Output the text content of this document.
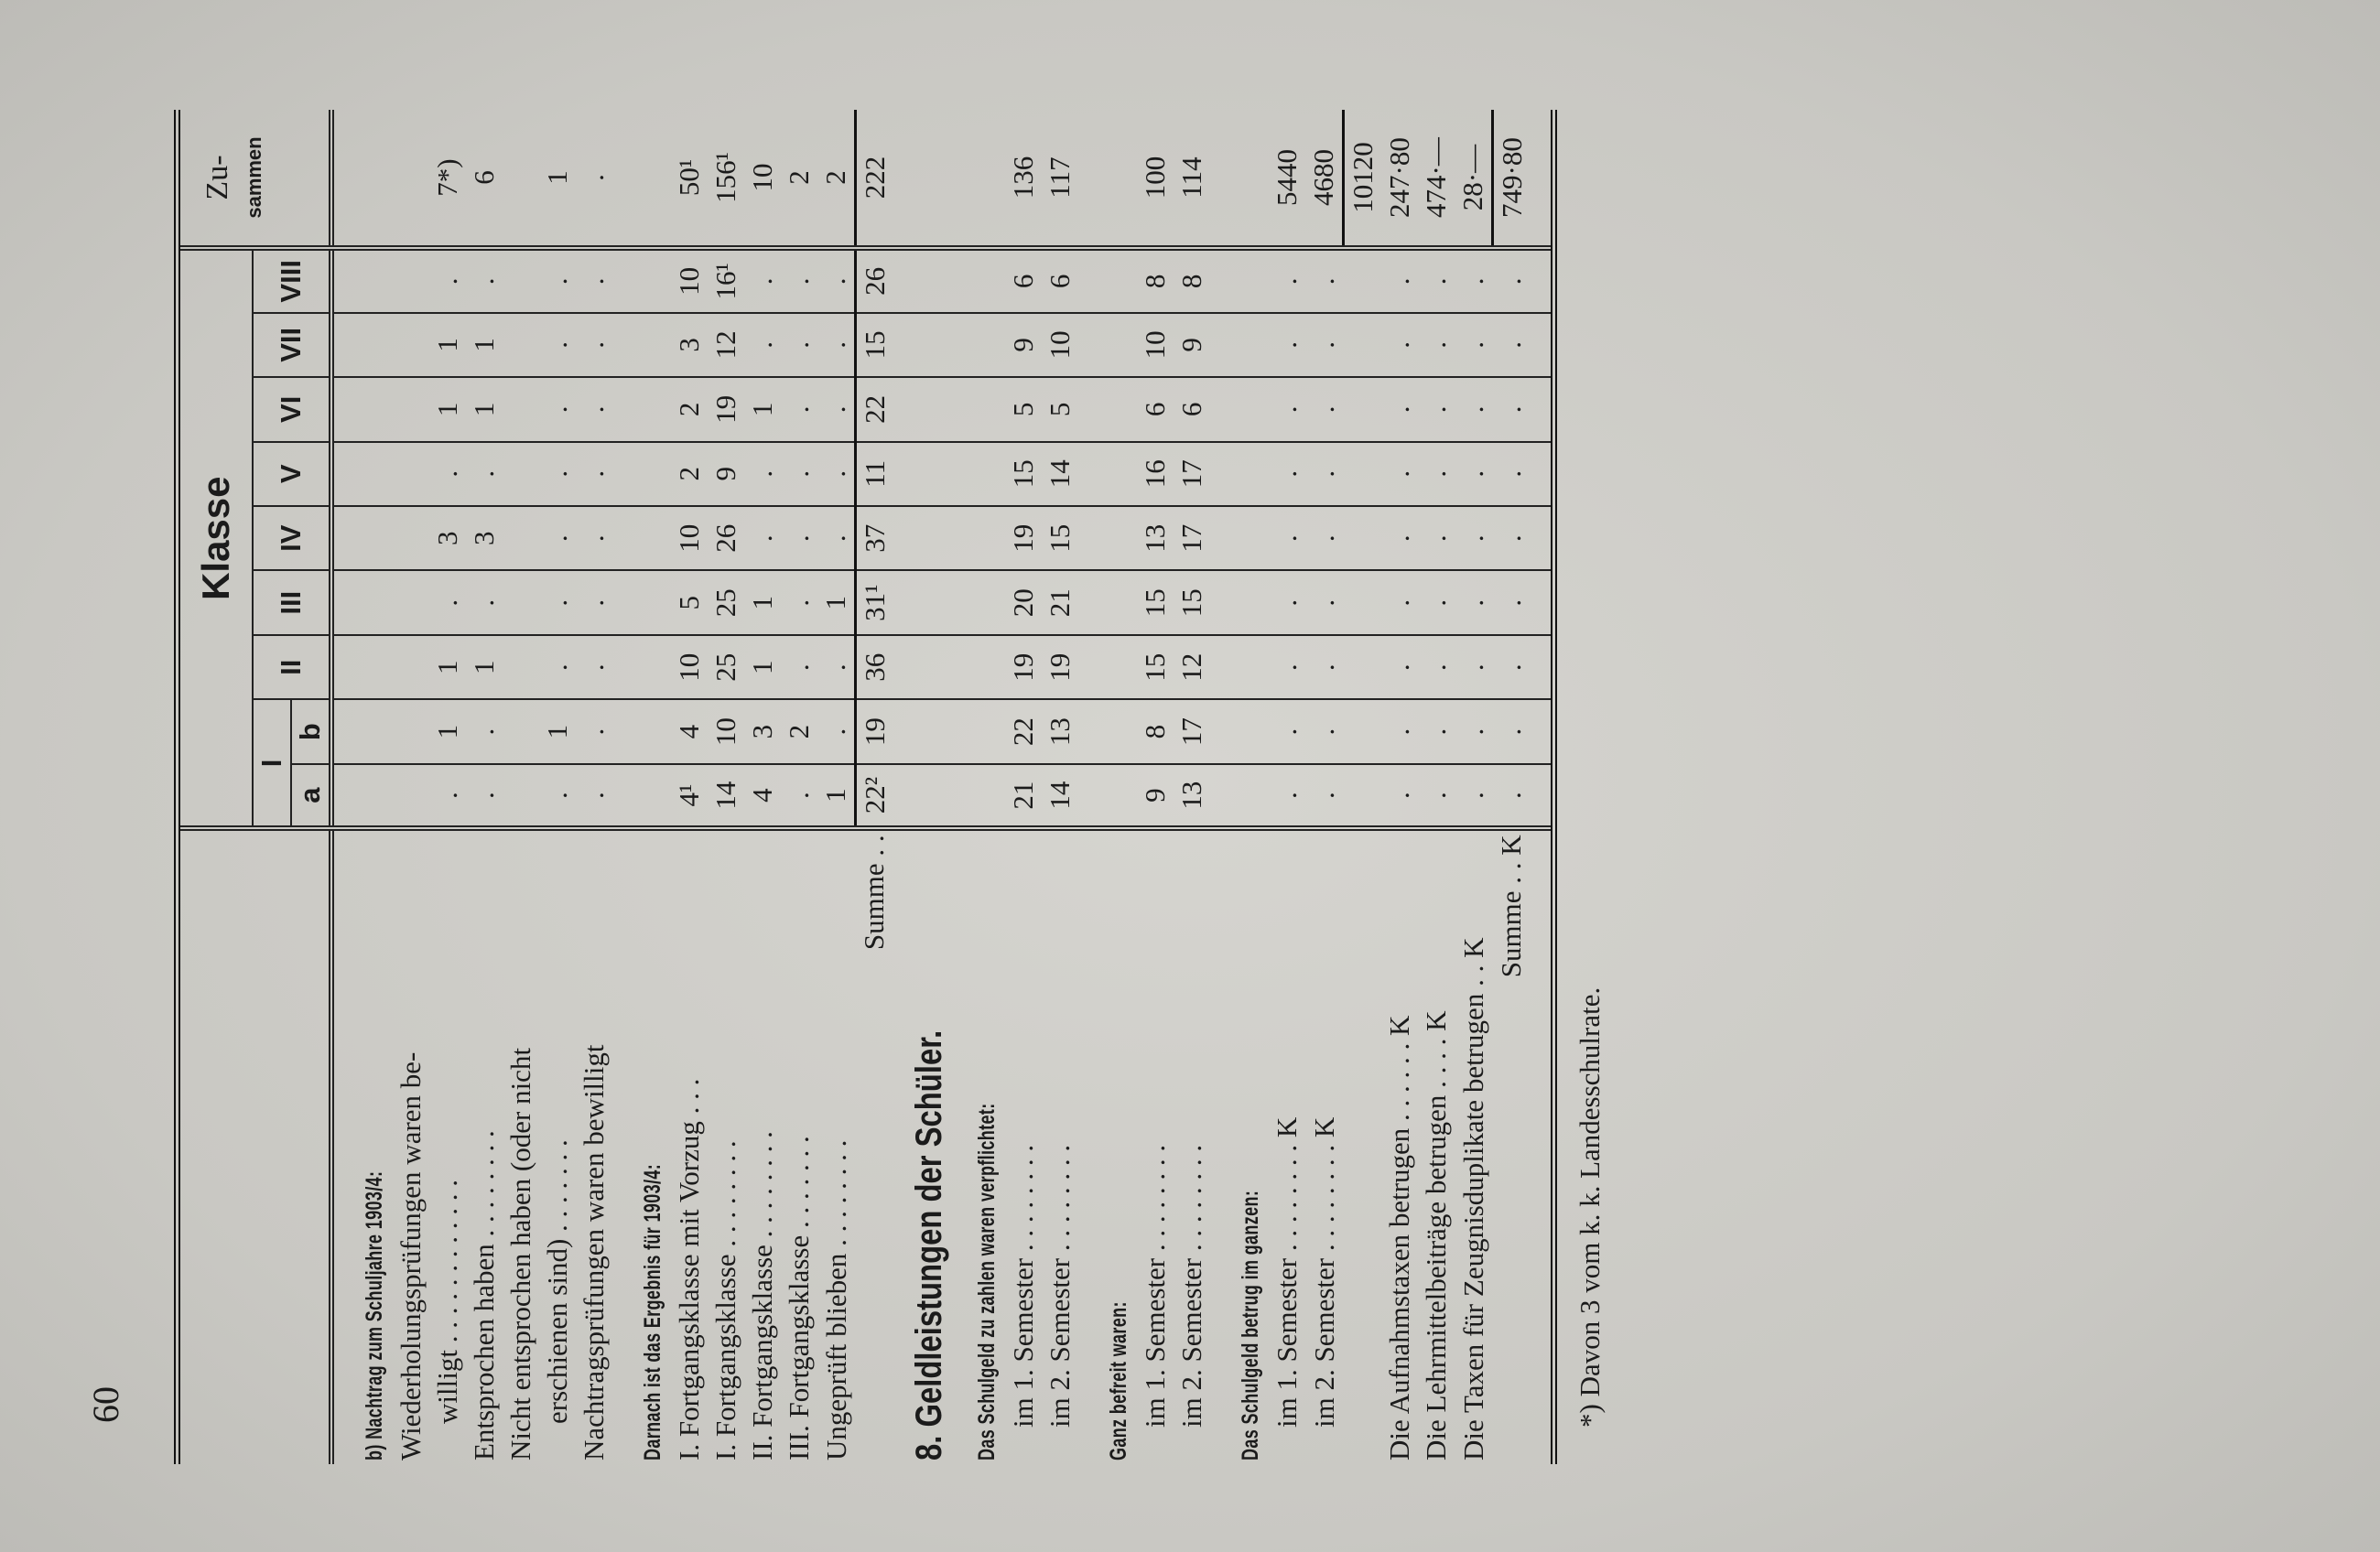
60
	Klasse									Zu- sammen

	I		II	III	IV	V	VI	VII	VIII	
	a	b								

b) Nachtrag zum Schuljahre 1903/4:										
Wiederholungsprüfungen waren be-										
willigt . . . . . . . . . . . .	.	1	1	.	3	.	1	1	.	7*)
Entsprochen haben . . . . . . . .	.	.	1	.	3	.	1	1	.	6
Nicht entsprochen haben (oder nicht										
erschienen sind) . . . . . . .	.	1	.	.	.	.	.	.	.	1
Nachtragsprüfungen waren bewilligt	.	.	.	.	.	.	.	.	.	.

Darnach ist das Ergebnis für 1903/4:										
I. Fortgangsklasse mit Vorzug . . .	4¹	4	10	5	10	2	2	3	10	50¹
I. Fortgangsklasse . . . . . . . .	14	10	25	25	26	9	19	12	16¹	156¹
II. Fortgangsklasse . . . . . . . .	4	3	1	1	.	.	1	.	.	10
III. Fortgangsklasse . . . . . . .	.	2	.	.	.	.	.	.	.	2
Ungeprüft blieben . . . . . . . .	1	.	.	1	.	.	.	.	.	2
Summe . .	22²	19	36	31¹	37	11	22	15	26	222
8. Geldleistungen der Schüler.										
Das Schulgeld zu zahlen waren verpflichtet:										
im 1. Semester . . . . . . . .	21	22	19	20	19	15	5	9	6	136
im 2. Semester . . . . . . . .	14	13	19	21	15	14	5	10	6	117

Ganz befreit waren:										
im 1. Semester . . . . . . . .	9	8	15	15	13	16	6	10	8	100
im 2. Semester . . . . . . . .	13	17	12	15	17	17	6	9	8	114

Das Schulgeld betrug im ganzen:										
im 1. Semester . . . . . . . . K	.	.	.	.	.	.	.	.	.	5440
im 2. Semester . . . . . . . . K	.	.	.	.	.	.	.	.	.	4680
										10120
Die Aufnahmstaxen betrugen . . . . . . K	.	.	.	.	.	.	.	.	.	247·80
Die Lehrmittelbeiträge betrugen . . . . K	.	.	.	.	.	.	.	.	.	474·—
Die Taxen für Zeugnisduplikate betrugen . . K	.	.	.	.	.	.	.	.	.	28·—
Summe . . K	.	.	.	.	.	.	.	.	.	749·80

*) Davon 3 vom k. k. Landesschulrate.
